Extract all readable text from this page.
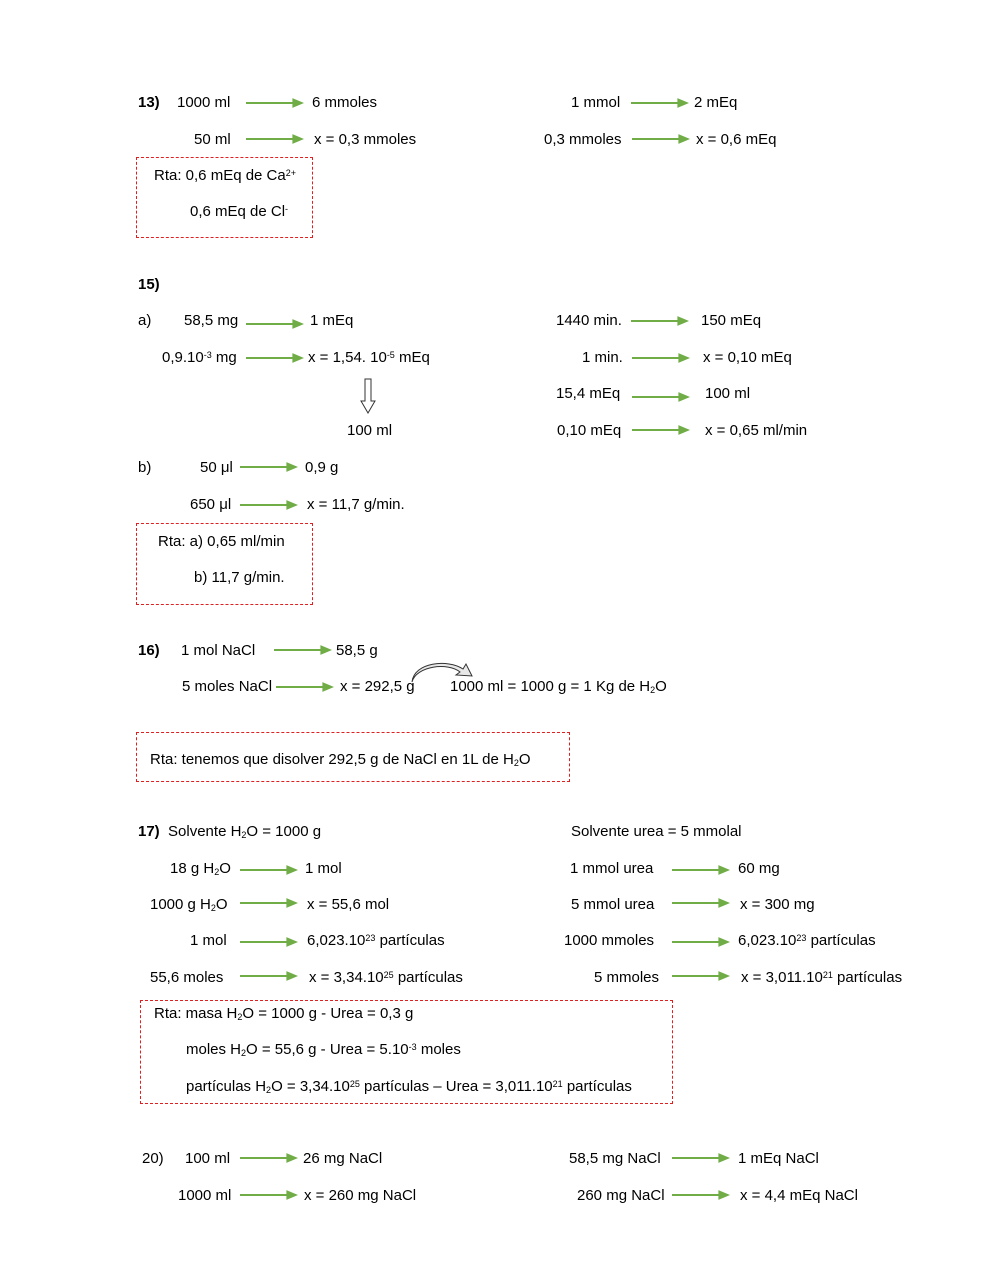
13) 1000 ml	6 mmoles
50 ml	x = 0,3 mmoles
1 mmol	2 mEq
0,3 mmoles	x = 0,6 mEq
Rta: 0,6 mEq de $Ca^{2+}$
0,6 mEq de Cl-
15)
a) 58,5 mg	1 mEq
$0,9.10^{-3}$ mg	x = 1,54. $10^{-5}$ mEq
100 ml
1440 min.	150 mEq
1 min.	x = 0,10 mEq
15,4 mEq	100 ml
0,10 mEq	x = 0,65 ml/min
b)	50 μl	0,9 g
650 μl	x = 11,7 g/min.
Rta: a) 0,65 ml/min
b) 11,7 g/min.
16) 1 mol NaCl	58,5 g
5 moles NaCl	x = 292,5 g 1000 ml = 1000 g = 1 Kg de $H_2O$
Rta: tenemos que disolver 292,5 g de NaCl en 1L de $H_2O$
17) Solvente $H_2O = 1000$ g	Solvente urea = 5 mmolal
18 g $H_2O$	1 mol
1000 g $H_2O$	x = 55,6 mol
1 mol	6,023.10$^{23}$ partículas
55,6 moles	$x = 3,34.10^{25}$ partículas
1 mmol urea	60 mg
5 mmol urea	x = 300 mg
1000 mmoles	6,023.10$^{23}$ partículas
5 mmoles	$x = 3,011.10^{21}$ partículas
Rta: masa $H_2O = 1000$ g - Urea = 0,3 g
moles $H_2O = 55,6$ g - Urea = $5.10^{-3}$ moles
partículas $H_2O = 3,34.10^{25}$ partículas – Urea = $3,011.10^{21}$ partículas
20) 100 ml	26 mg NaCl
1000 ml	x = 260 mg NaCl
58,5 mg NaCl	1 mEq NaCl
260 mg NaCl	x = 4,4 mEq NaCl
